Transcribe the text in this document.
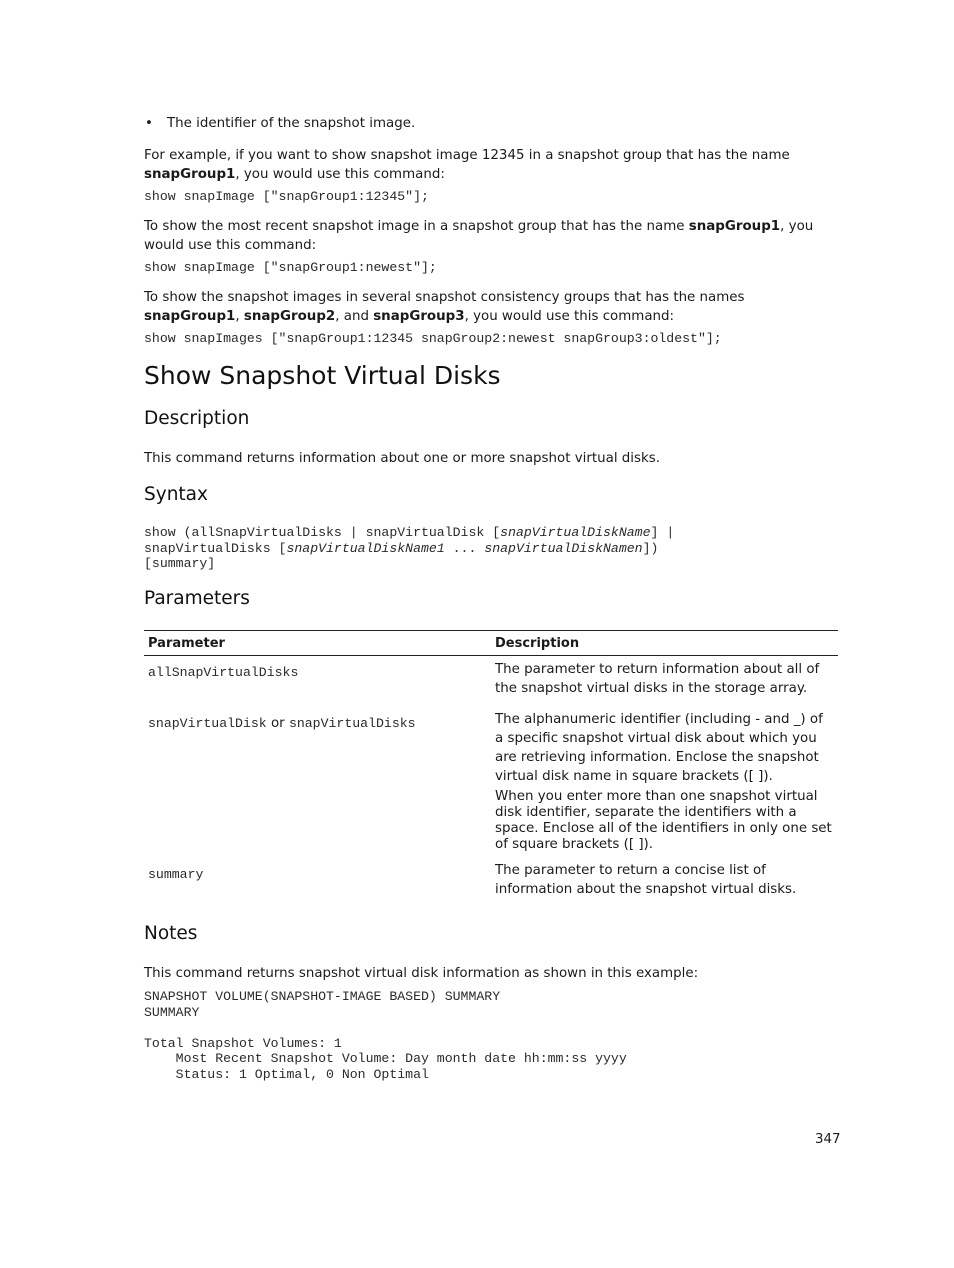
• The identifier of the snapshot image.

For example, if you want to show snapshot image 12345 in a snapshot group that has the name snapGroup1, you would use this command:

show snapImage ["snapGroup1:12345"];

To show the most recent snapshot image in a snapshot group that has the name snapGroup1, you would use this command:

show snapImage ["snapGroup1:newest"];

To show the snapshot images in several snapshot consistency groups that has the names snapGroup1, snapGroup2, and snapGroup3, you would use this command:

show snapImages ["snapGroup1:12345 snapGroup2:newest snapGroup3:oldest"];
Show Snapshot Virtual Disks
Description

This command returns information about one or more snapshot virtual disks.

Syntax
show (allSnapVirtualDisks | snapVirtualDisk [snapVirtualDiskName] |
snapVirtualDisks [snapVirtualDiskName1 ... snapVirtualDiskNamen])
[summary]
Parameters
Parameter	Description
allSnapVirtualDisks	The parameter to return information about all of the snapshot virtual disks in the storage array.
snapVirtualDisk or snapVirtualDisks	The alphanumeric identifier (including - and _) of a specific snapshot virtual disk about which you are retrieving information. Enclose the snapshot virtual disk name in square brackets ([ ]).
When you enter more than one snapshot virtual disk identifier, separate the identifiers with a space. Enclose all of the identifiers in only one set of square brackets ([ ]).

summary	The parameter to return a concise list of information about the snapshot virtual disks.
Notes

This command returns snapshot virtual disk information as shown in this example:

SNAPSHOT VOLUME(SNAPSHOT-IMAGE BASED) SUMMARY
SUMMARY

Total Snapshot Volumes: 1
Most Recent Snapshot Volume: Day month date hh:mm:ss yyyy
Status: 1 Optimal, 0 Non Optimal
347
